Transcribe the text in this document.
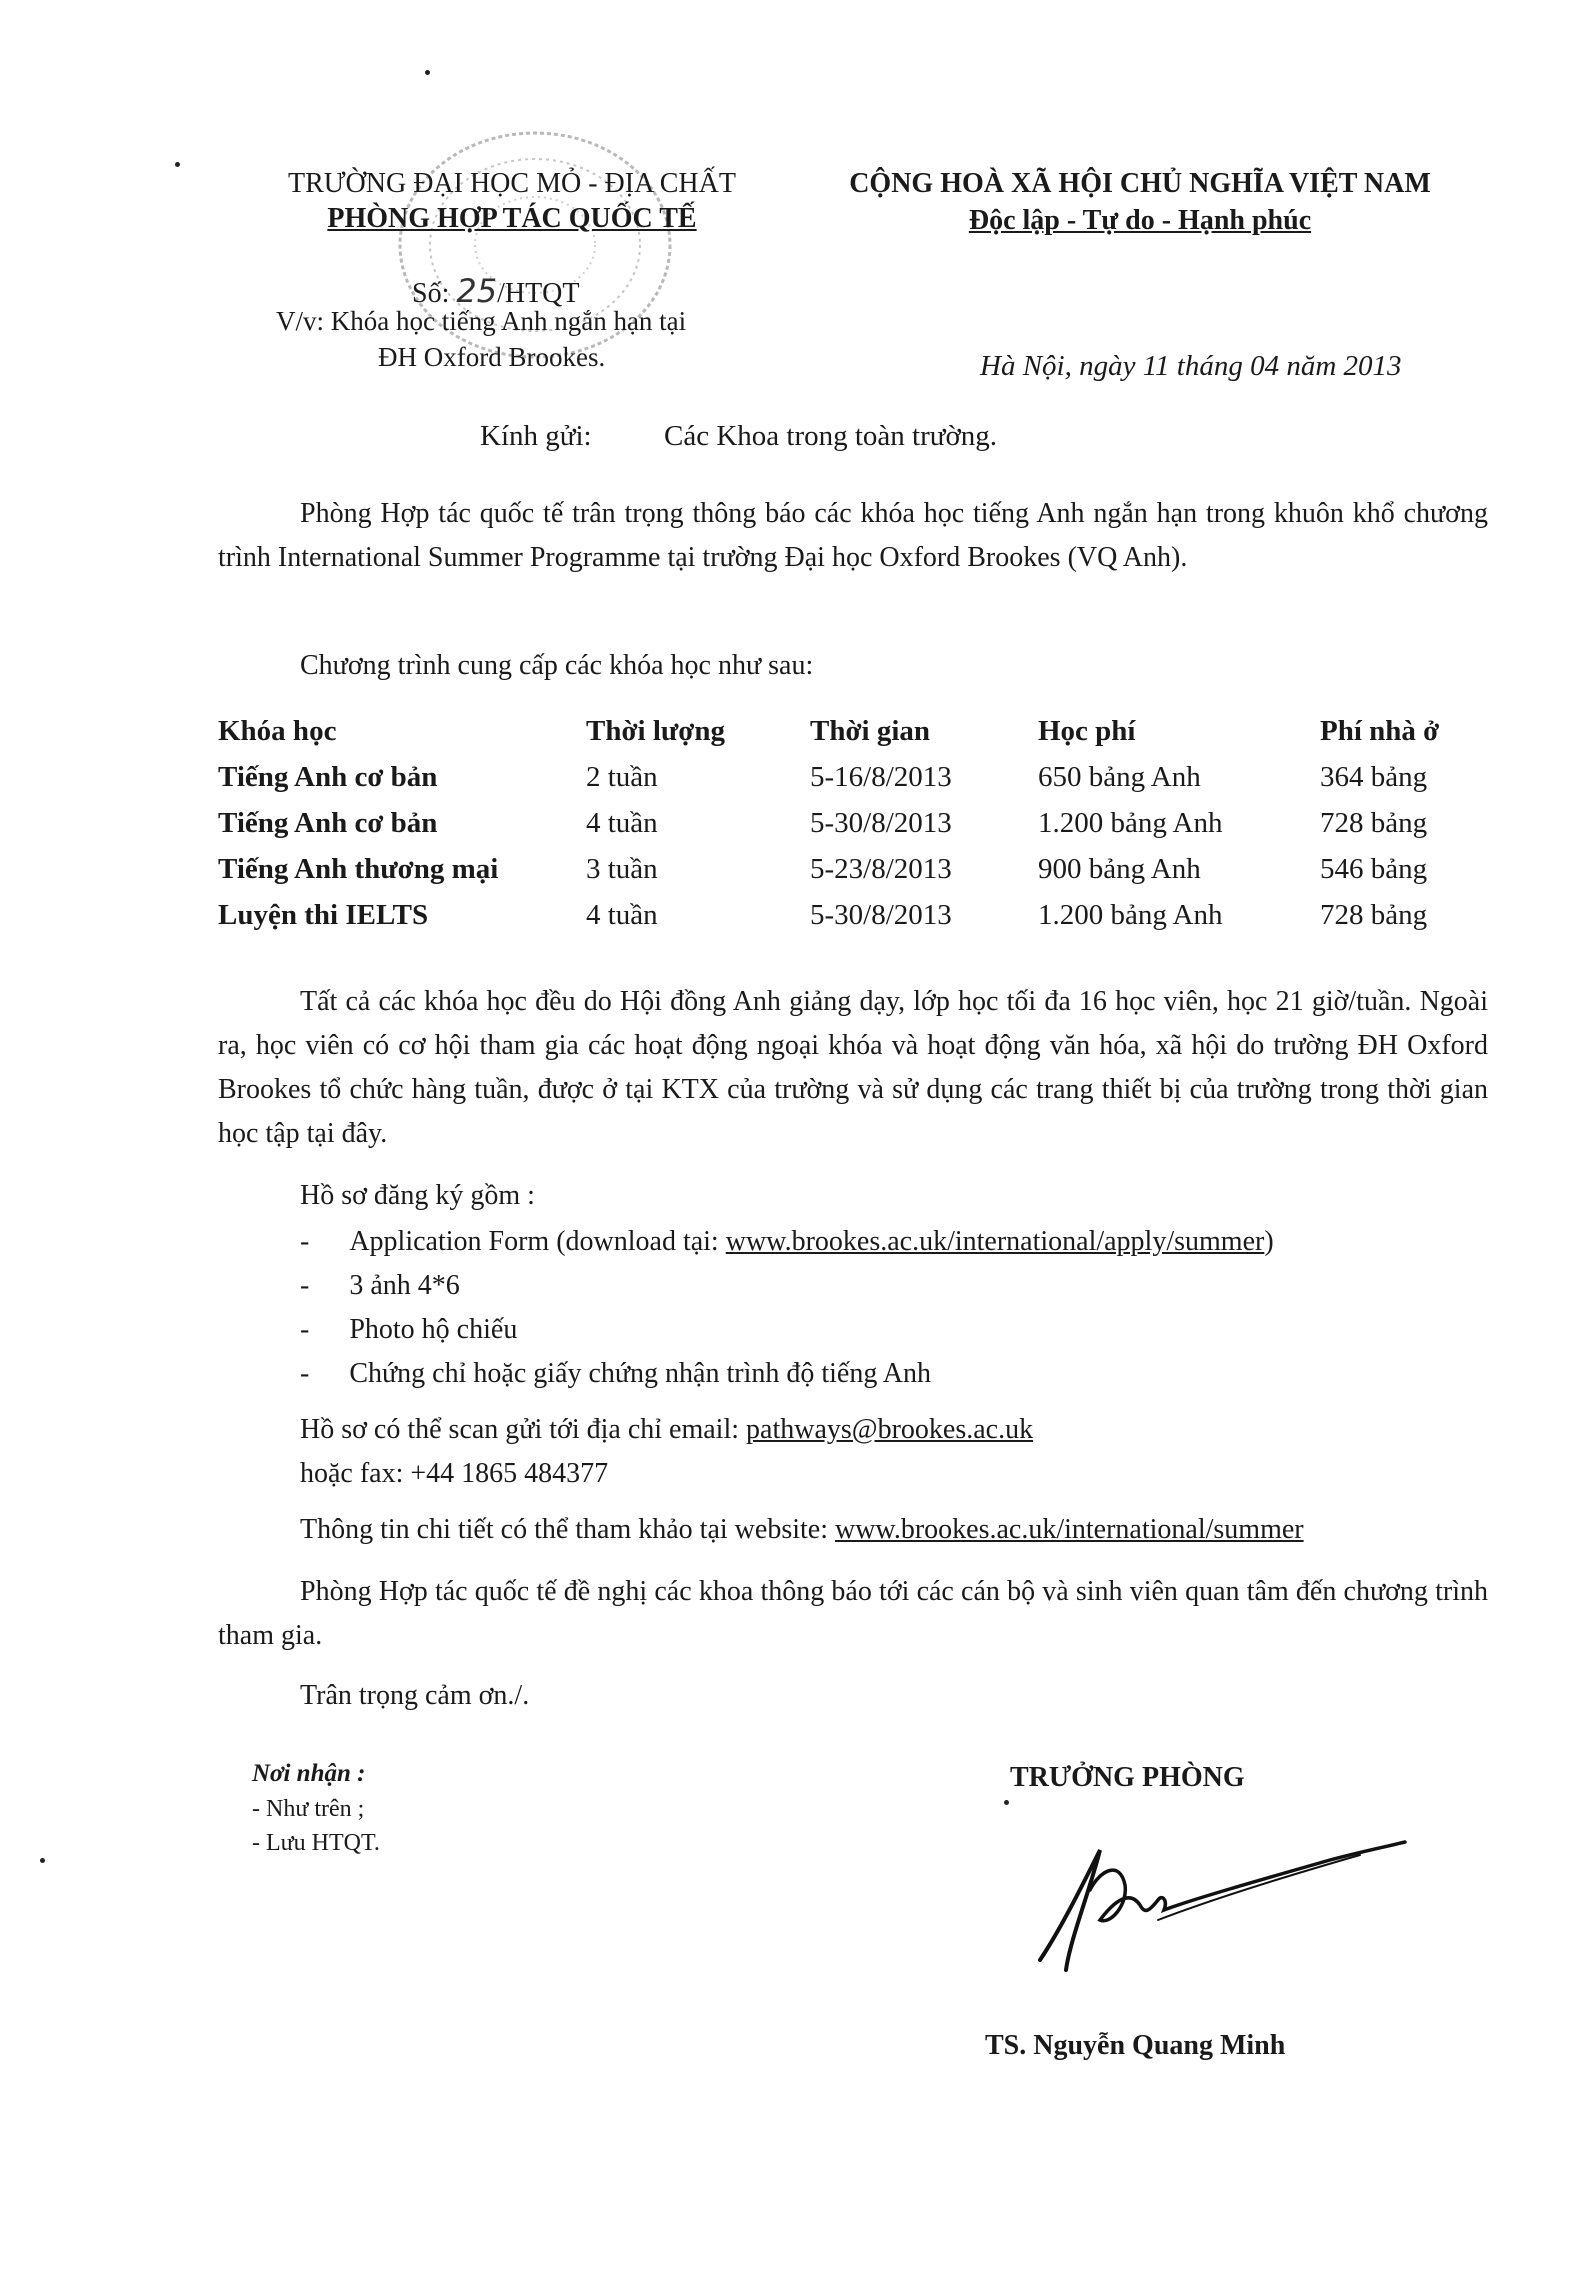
TRƯỜNG ĐẠI HỌC MỎ - ĐỊA CHẤT
PHÒNG HỢP TÁC QUỐC TẾ
Số: 25/HTQT
V/v: Khóa học tiếng Anh ngắn hạn tại
ĐH Oxford Brookes.
CỘNG HOÀ XÃ HỘI CHỦ NGHĨA VIỆT NAM
Độc lập - Tự do - Hạnh phúc
Hà Nội, ngày 11 tháng 04 năm 2013
Kính gửi: Các Khoa trong toàn trường.
Phòng Hợp tác quốc tế trân trọng thông báo các khóa học tiếng Anh ngắn hạn trong khuôn khổ chương trình International Summer Programme tại trường Đại học Oxford Brookes (VQ Anh).
Chương trình cung cấp các khóa học như sau:
Khóa học	Thời lượng	Thời gian	Học phí	Phí nhà ở
Tiếng Anh cơ bản	2 tuần	5-16/8/2013	650 bảng Anh	364 bảng
Tiếng Anh cơ bản	4 tuần	5-30/8/2013	1.200 bảng Anh	728 bảng
Tiếng Anh thương mại	3 tuần	5-23/8/2013	900 bảng Anh	546 bảng
Luyện thi IELTS	4 tuần	5-30/8/2013	1.200 bảng Anh	728 bảng
Tất cả các khóa học đều do Hội đồng Anh giảng dạy, lớp học tối đa 16 học viên, học 21 giờ/tuần. Ngoài ra, học viên có cơ hội tham gia các hoạt động ngoại khóa và hoạt động văn hóa, xã hội do trường ĐH Oxford Brookes tổ chức hàng tuần, được ở tại KTX của trường và sử dụng các trang thiết bị của trường trong thời gian học tập tại đây.
Hồ sơ đăng ký gồm :
- Application Form (download tại: www.brookes.ac.uk/international/apply/summer)
- 3 ảnh 4*6
- Photo hộ chiếu
- Chứng chỉ hoặc giấy chứng nhận trình độ tiếng Anh
Hồ sơ có thể scan gửi tới địa chỉ email: pathways@brookes.ac.uk
hoặc fax: +44 1865 484377
Thông tin chi tiết có thể tham khảo tại website: www.brookes.ac.uk/international/summer
Phòng Hợp tác quốc tế đề nghị các khoa thông báo tới các cán bộ và sinh viên quan tâm đến chương trình tham gia.
Trân trọng cảm ơn./.
Nơi nhận :
- Như trên ;
- Lưu HTQT.
TRƯỞNG PHÒNG
TS. Nguyễn Quang Minh
